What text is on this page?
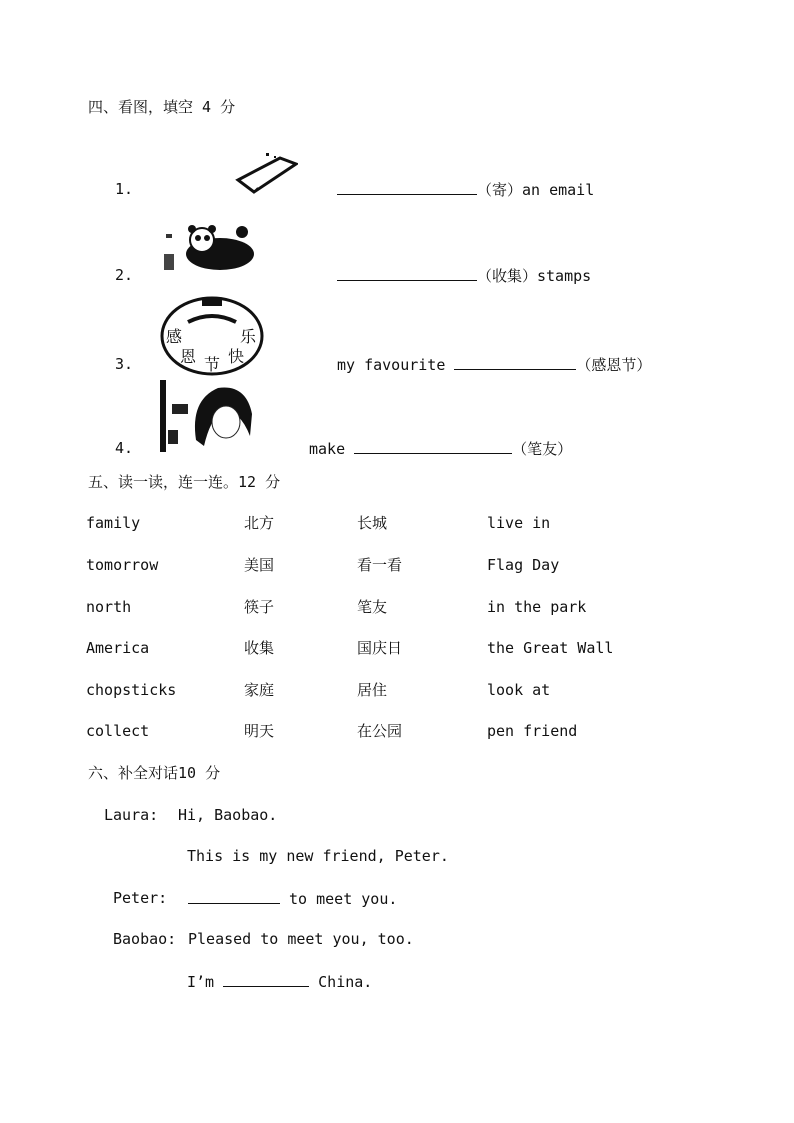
四、看图，填空 4 分
1.	（寄）an email
2.	（收集）stamps
感
恩 节 快
乐
3.	my favourite	（感恩节）
4.	make	（笔友）
五、读一读，连一连。12 分
family	北方	长城	live in
tomorrow	美国	看一看	Flag Day
north	筷子	笔友	in the park
America	收集	国庆日	the Great Wall
chopsticks	家庭	居住	look at
collect	明天	在公园	pen friend
六、补全对话10 分
Laura: Hi, Baobao.
This is my new friend, Peter.
Peter:	to meet you.
Baobao: Pleased to meet you, too.
I’m	China.
